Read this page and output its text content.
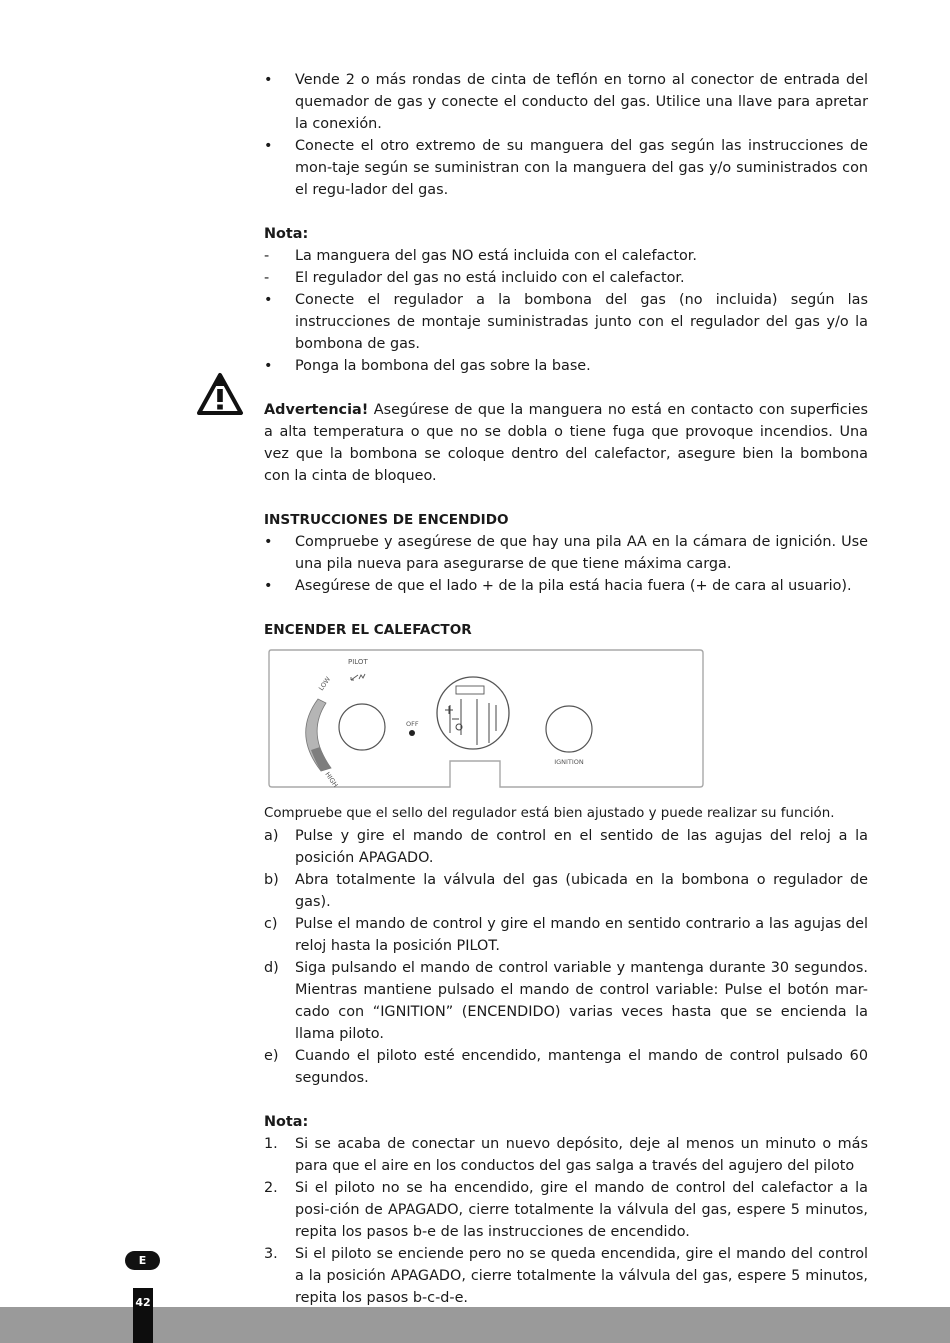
•	Vende 2 o más rondas de cinta de teflón en torno al conector de entrada del quemador de gas y conecte el conducto del gas. Utilice una llave para apretar la conexión.
•	Conecte el otro extremo de su manguera del gas según las instrucciones de mon-taje según se suministran con la manguera del gas y/o suministrados con el regu-lador del gas.
Nota:
-	La manguera del gas NO está incluida con el calefactor.
-	El regulador del gas no está incluido con el calefactor.
•	Conecte el regulador a la bombona del gas (no incluida) según las instrucciones de montaje suministradas junto con el regulador del gas y/o la bombona de gas.
•	Ponga la bombona del gas sobre la base.
Advertencia! Asegúrese de que la manguera no está en contacto con superficies a alta temperatura o que no se dobla o tiene fuga que provoque incendios. Una vez que la bombona se coloque dentro del calefactor, asegure bien la bombona con la cinta de bloqueo.
INSTRUCCIONES DE ENCENDIDO
•	Compruebe y asegúrese de que hay una pila AA en la cámara de ignición. Use una pila nueva para asegurarse de que tiene máxima carga.
•	Asegúrese de que el lado + de la pila está hacia fuera (+ de cara al usuario).
ENCENDER EL CALEFACTOR
PILOT
LOW
HIGH
OFF
IGNITION
Compruebe que el sello del regulador está bien ajustado y puede realizar su función.
a)	Pulse y gire el mando de control en el sentido de las agujas del reloj a la posición APAGADO.
b)	Abra totalmente la válvula del gas (ubicada en la bombona o regulador de gas).
c)	Pulse el mando de control y gire el mando en sentido contrario a las agujas del reloj hasta la posición PILOT.
d)	Siga pulsando el mando de control variable y mantenga durante 30 segundos. Mientras mantiene pulsado el mando de control variable: Pulse el botón mar-cado con “IGNITION” (ENCENDIDO) varias veces hasta que se encienda la llama piloto.
e)	Cuando el piloto esté encendido, mantenga el mando de control pulsado 60 segundos.
Nota:
1.	Si se acaba de conectar un nuevo depósito, deje al menos un minuto o más para que el aire en los conductos del gas salga a través del agujero del piloto
2.	Si el piloto no se ha encendido, gire el mando de control del calefactor a la posi-ción de APAGADO, cierre totalmente la válvula del gas, espere 5 minutos, repita los pasos b-e de las instrucciones de encendido.
3.	Si el piloto se enciende pero no se queda encendida, gire el mando del control a la posición APAGADO, cierre totalmente la válvula del gas, espere 5 minutos, repita los pasos b-c-d-e.
E
42
